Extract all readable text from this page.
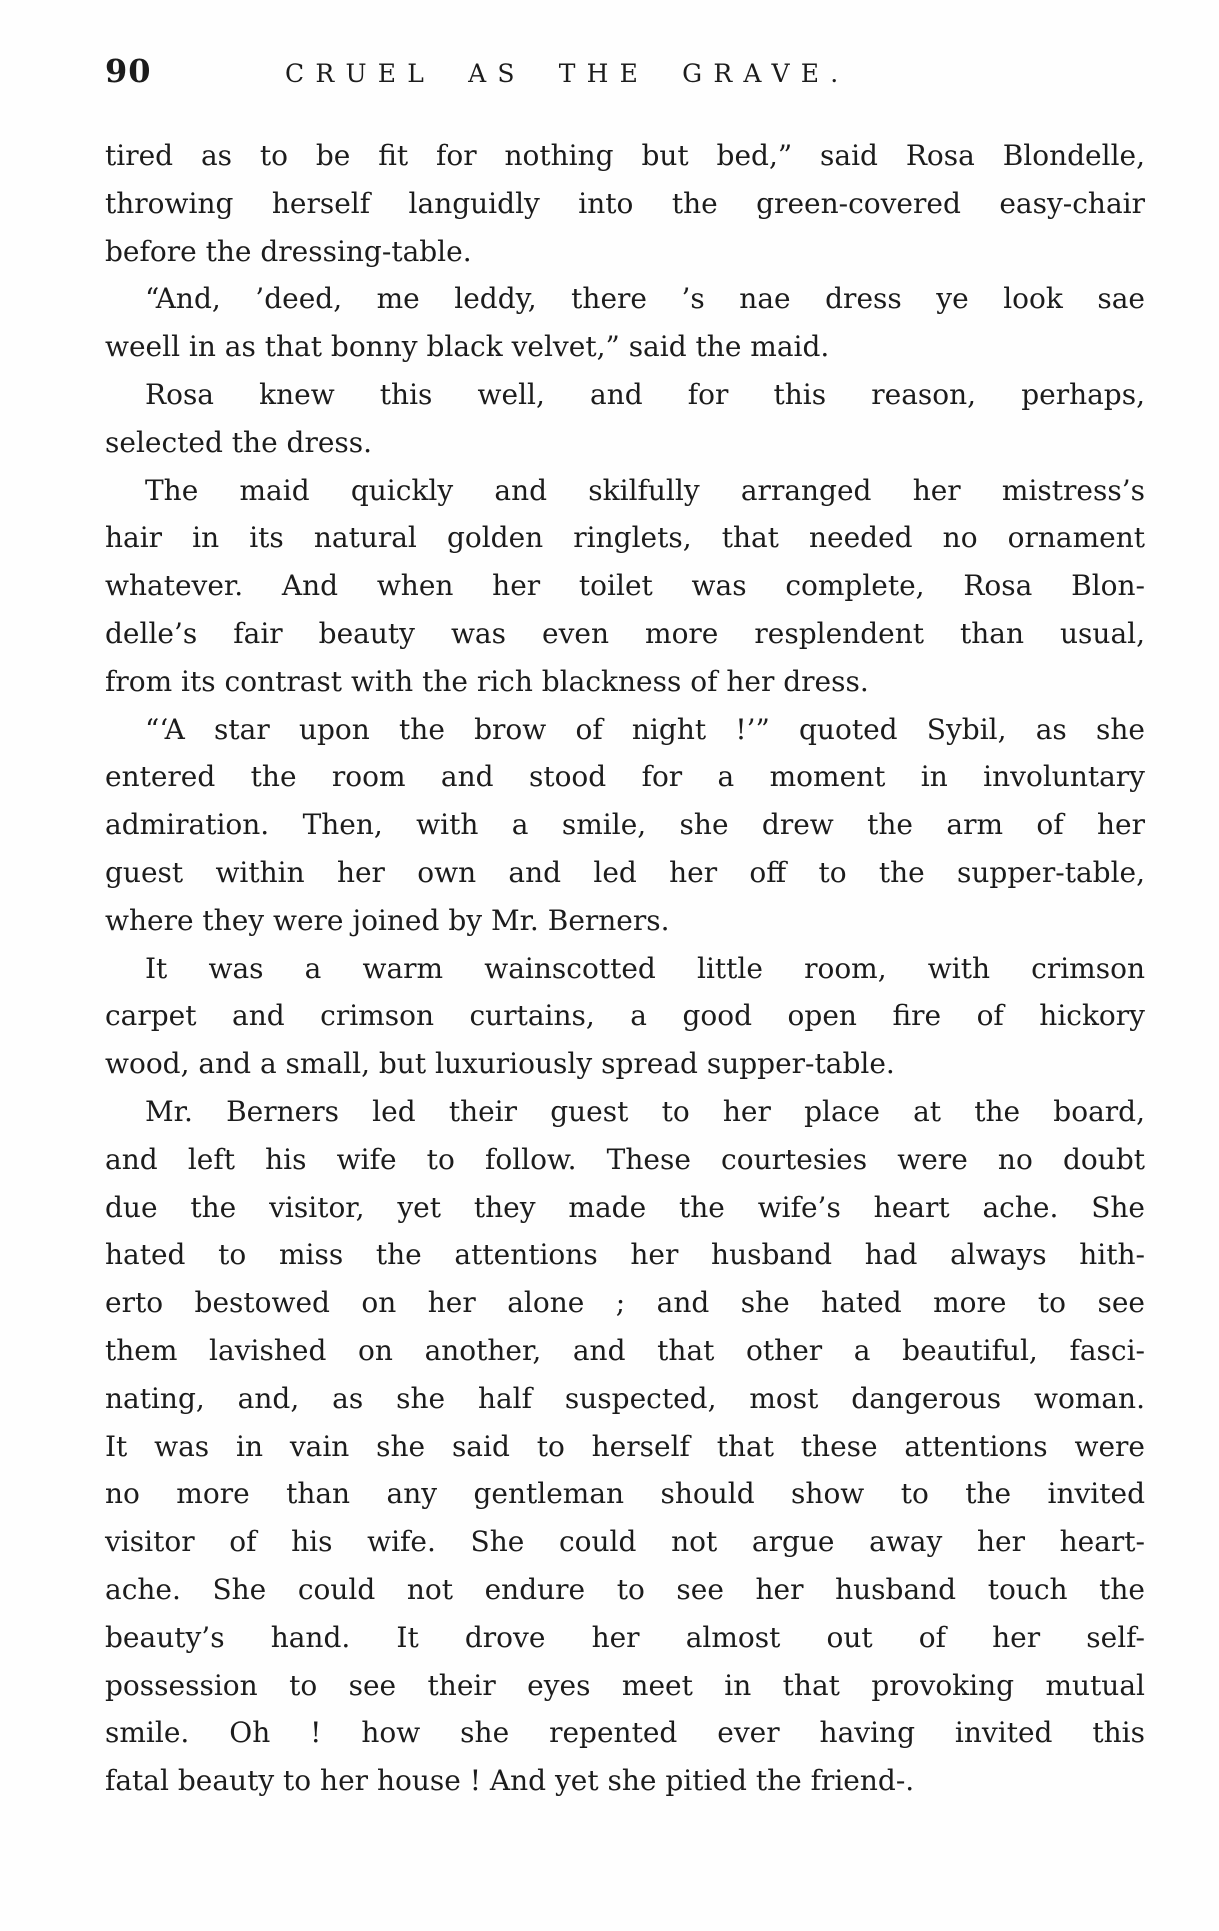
90	CRUEL AS THE GRAVE.

tired as to be fit for nothing but bed,” said Rosa Blondelle,
throwing herself languidly into the green-covered easy-chair
before the dressing-table.

“And, ’deed, me leddy, there ’s nae dress ye look sae
weell in as that bonny black velvet,” said the maid.

Rosa knew this well, and for this reason, perhaps,
selected the dress.

The maid quickly and skilfully arranged her mistress’s
hair in its natural golden ringlets, that needed no ornament
whatever. And when her toilet was complete, Rosa Blon-
delle’s fair beauty was even more resplendent than usual,
from its contrast with the rich blackness of her dress.

“‘A star upon the brow of night !’” quoted Sybil, as she
entered the room and stood for a moment in involuntary
admiration. Then, with a smile, she drew the arm of her
guest within her own and led her off to the supper-table,
where they were joined by Mr. Berners.

It was a warm wainscotted little room, with crimson
carpet and crimson curtains, a good open fire of hickory
wood, and a small, but luxuriously spread supper-table.

Mr. Berners led their guest to her place at the board,
and left his wife to follow. These courtesies were no doubt
due the visitor, yet they made the wife’s heart ache. She
hated to miss the attentions her husband had always hith-
erto bestowed on her alone ; and she hated more to see
them lavished on another, and that other a beautiful, fasci-
nating, and, as she half suspected, most dangerous woman.
It was in vain she said to herself that these attentions were
no more than any gentleman should show to the invited
visitor of his wife. She could not argue away her heart-
ache. She could not endure to see her husband touch the
beauty’s hand. It drove her almost out of her self-
possession to see their eyes meet in that provoking mutual
smile. Oh ! how she repented ever having invited this
fatal beauty to her house ! And yet she pitied the friend-.
